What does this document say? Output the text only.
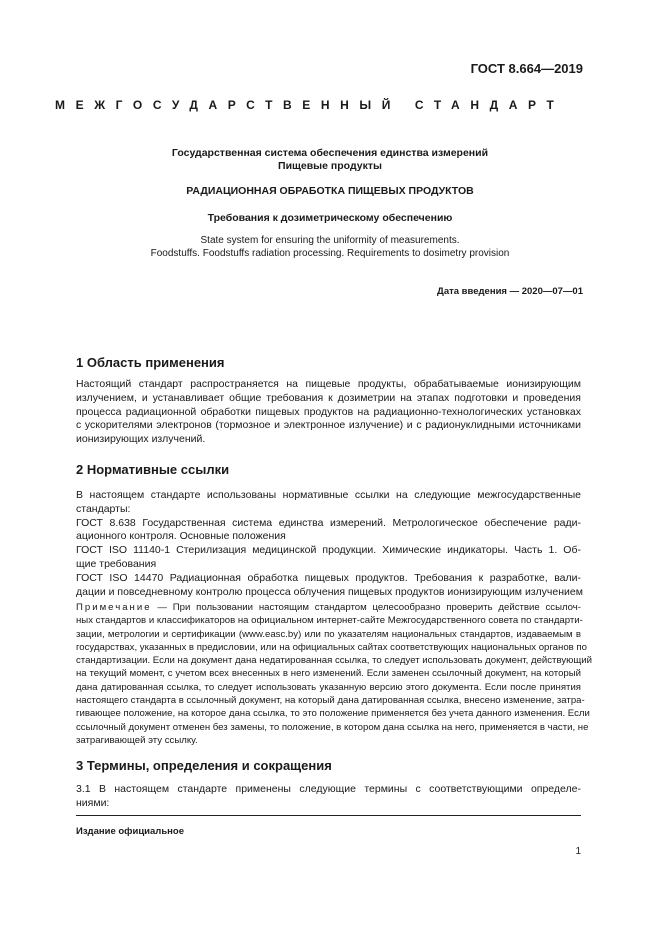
ГОСТ 8.664—2019
МЕЖГОСУДАРСТВЕННЫЙ СТАНДАРТ
Государственная система обеспечения единства измерений
Пищевые продукты
РАДИАЦИОННАЯ ОБРАБОТКА ПИЩЕВЫХ ПРОДУКТОВ
Требования к дозиметрическому обеспечению
State system for ensuring the uniformity of measurements.
Foodstuffs. Foodstuffs radiation processing. Requirements to dosimetry provision
Дата введения — 2020—07—01
1 Область применения
Настоящий стандарт распространяется на пищевые продукты, обрабатываемые ионизирующим
излучением, и устанавливает общие требования к дозиметрии на этапах подготовки и проведения
процесса радиационной обработки пищевых продуктов на радиационно-технологических установках
с ускорителями электронов (тормозное и электронное излучение) и с радионуклидными источниками
ионизирующих излучений.
2 Нормативные ссылки
В настоящем стандарте использованы нормативные ссылки на следующие межгосударственные
стандарты:
ГОСТ 8.638 Государственная система единства измерений. Метрологическое обеспечение ради-
ационного контроля. Основные положения
ГОСТ ISO 11140-1 Стерилизация медицинской продукции. Химические индикаторы. Часть 1. Об-
щие требования
ГОСТ ISO 14470 Радиационная обработка пищевых продуктов. Требования к разработке, вали-
дации и повседневному контролю процесса облучения пищевых продуктов ионизирующим излучением
Примечание — При пользовании настоящим стандартом целесообразно проверить действие ссылоч-
ных стандартов и классификаторов на официальном интернет-сайте Межгосударственного совета по стандарти-
зации, метрологии и сертификации (www.easc.by) или по указателям национальных стандартов, издаваемым в
государствах, указанных в предисловии, или на официальных сайтах соответствующих национальных органов по
стандартизации. Если на документ дана недатированная ссылка, то следует использовать документ, действующий
на текущий момент, с учетом всех внесенных в него изменений. Если заменен ссылочный документ, на который
дана датированная ссылка, то следует использовать указанную версию этого документа. Если после принятия
настоящего стандарта в ссылочный документ, на который дана датированная ссылка, внесено изменение, затра-
гивающее положение, на которое дана ссылка, то это положение применяется без учета данного изменения. Если
ссылочный документ отменен без замены, то положение, в котором дана ссылка на него, применяется в части, не
затрагивающей эту ссылку.
3 Термины, определения и сокращения
3.1 В настоящем стандарте применены следующие термины с соответствующими определе-
ниями:
Издание официальное
1
